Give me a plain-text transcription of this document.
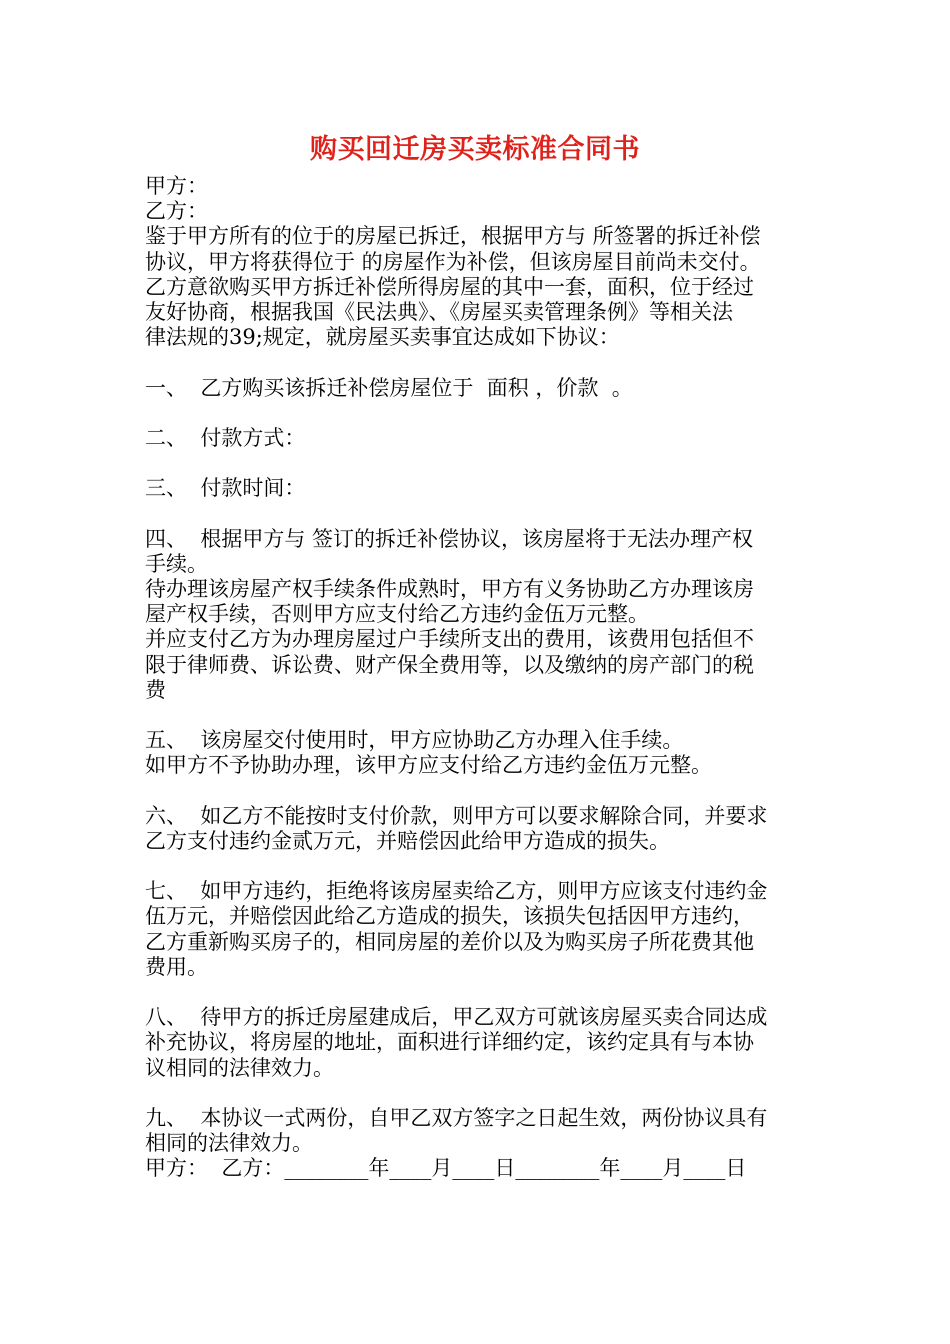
购买回迁房买卖标准合同书
甲方：
乙方：
鉴于甲方所有的位于的房屋已拆迁，根据甲方与 所签署的拆迁补偿
协议，甲方将获得位于 的房屋作为补偿，但该房屋目前尚未交付。
乙方意欲购买甲方拆迁补偿所得房屋的其中一套，面积，位于经过
友好协商，根据我国《民法典》、《房屋买卖管理条例》等相关法
律法规的39;规定，就房屋买卖事宜达成如下协议：
一、  乙方购买该拆迁补偿房屋位于  面积 ，价款  。
二、  付款方式：
三、  付款时间：
四、  根据甲方与 签订的拆迁补偿协议，该房屋将于无法办理产权
手续。
待办理该房屋产权手续条件成熟时，甲方有义务协助乙方办理该房
屋产权手续，否则甲方应支付给乙方违约金伍万元整。
并应支付乙方为办理房屋过户手续所支出的费用，该费用包括但不
限于律师费、诉讼费、财产保全费用等，以及缴纳的房产部门的税
费
五、  该房屋交付使用时，甲方应协助乙方办理入住手续。
如甲方不予协助办理，该甲方应支付给乙方违约金伍万元整。
六、  如乙方不能按时支付价款，则甲方可以要求解除合同，并要求
乙方支付违约金贰万元，并赔偿因此给甲方造成的损失。
七、  如甲方违约，拒绝将该房屋卖给乙方，则甲方应该支付违约金
伍万元，并赔偿因此给乙方造成的损失，该损失包括因甲方违约，
乙方重新购买房子的，相同房屋的差价以及为购买房子所花费其他
费用。
八、  待甲方的拆迁房屋建成后，甲乙双方可就该房屋买卖合同达成
补充协议，将房屋的地址，面积进行详细约定，该约定具有与本协
议相同的法律效力。
九、  本协议一式两份，自甲乙双方签字之日起生效，两份协议具有
相同的法律效力。
甲方：  乙方：________年____月____日________年____月____日
